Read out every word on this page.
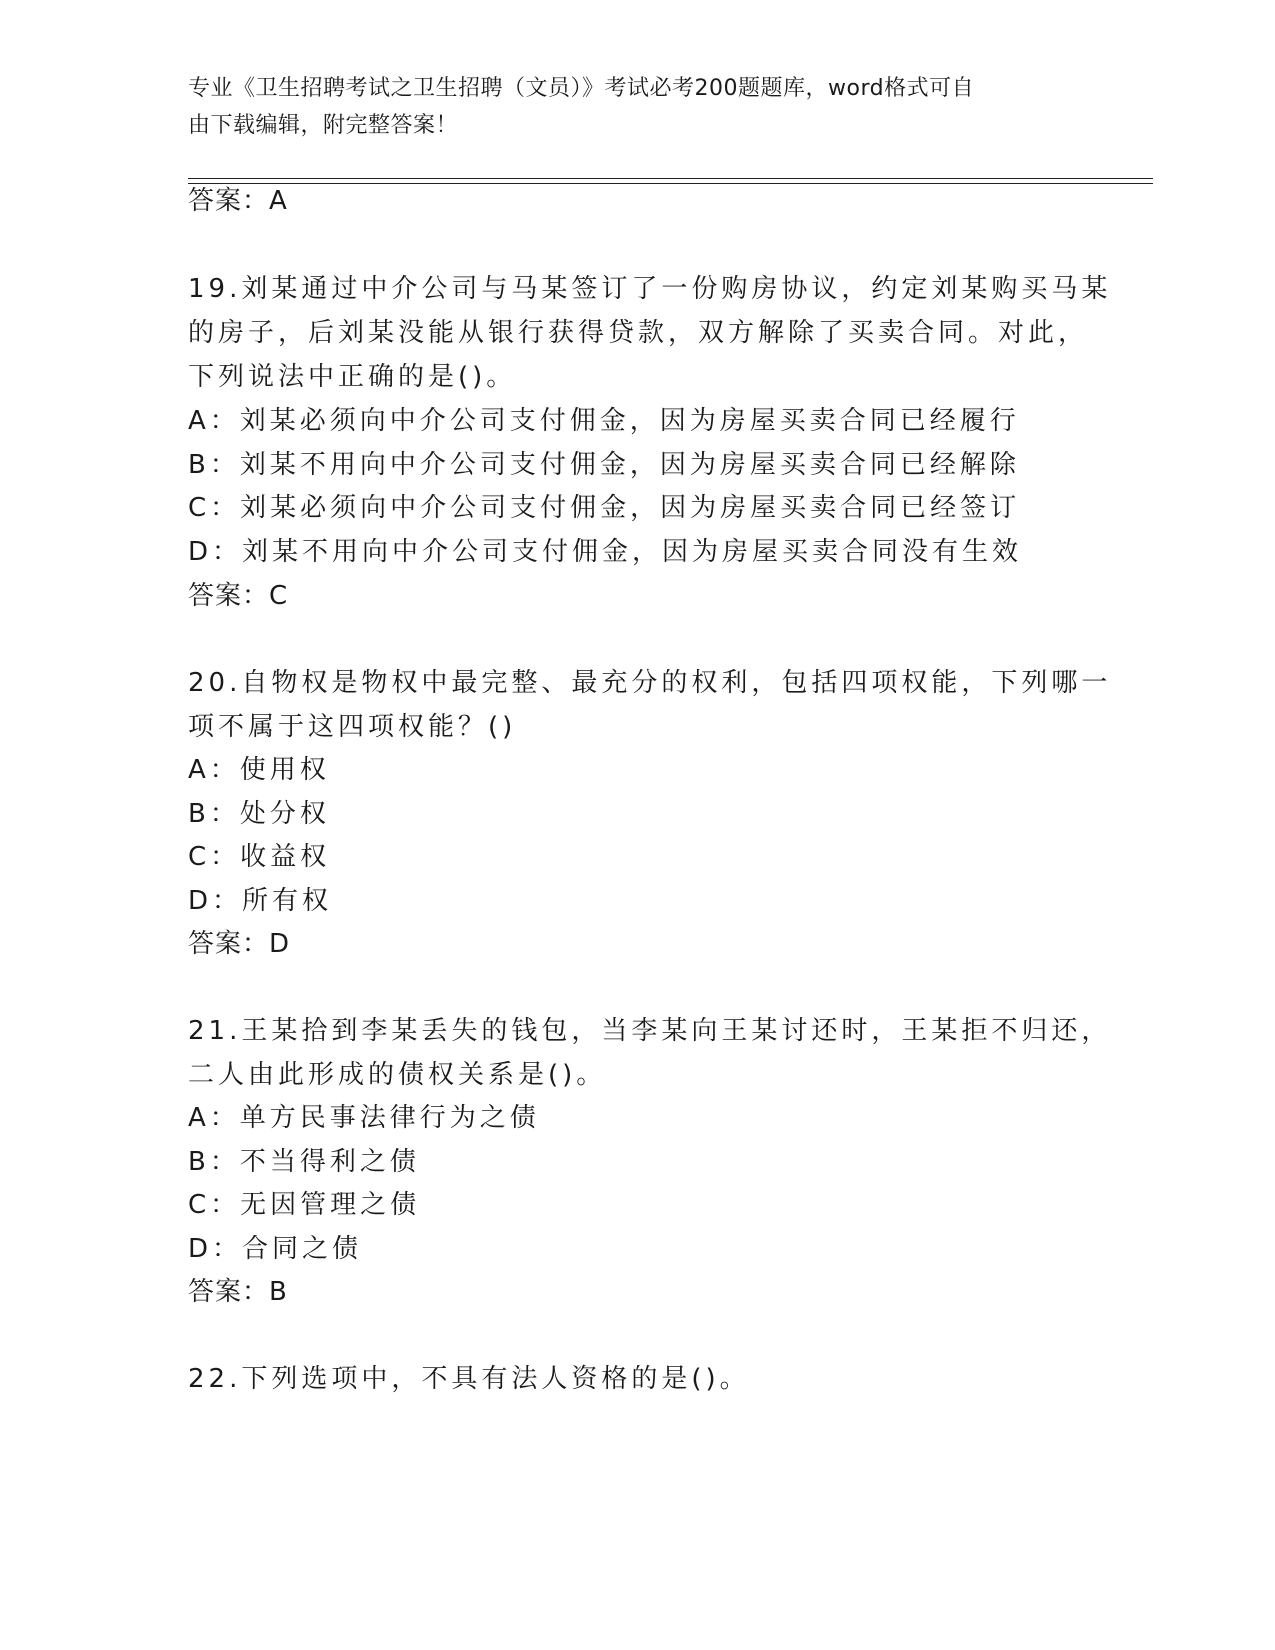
专业《卫生招聘考试之卫生招聘（文员）》考试必考200题题库，word格式可自
由下载编辑，附完整答案！
答案：A
19.刘某通过中介公司与马某签订了一份购房协议，约定刘某购买马某
的房子，后刘某没能从银行获得贷款，双方解除了买卖合同。对此，
下列说法中正确的是()。
A：刘某必须向中介公司支付佣金，因为房屋买卖合同已经履行
B：刘某不用向中介公司支付佣金，因为房屋买卖合同已经解除
C：刘某必须向中介公司支付佣金，因为房屋买卖合同已经签订
D：刘某不用向中介公司支付佣金，因为房屋买卖合同没有生效
答案：C
20.自物权是物权中最完整、最充分的权利，包括四项权能，下列哪一
项不属于这四项权能？()
A：使用权
B：处分权
C：收益权
D：所有权
答案：D
21.王某拾到李某丢失的钱包，当李某向王某讨还时，王某拒不归还，
二人由此形成的债权关系是()。
A：单方民事法律行为之债
B：不当得利之债
C：无因管理之债
D：合同之债
答案：B
22.下列选项中，不具有法人资格的是()。
